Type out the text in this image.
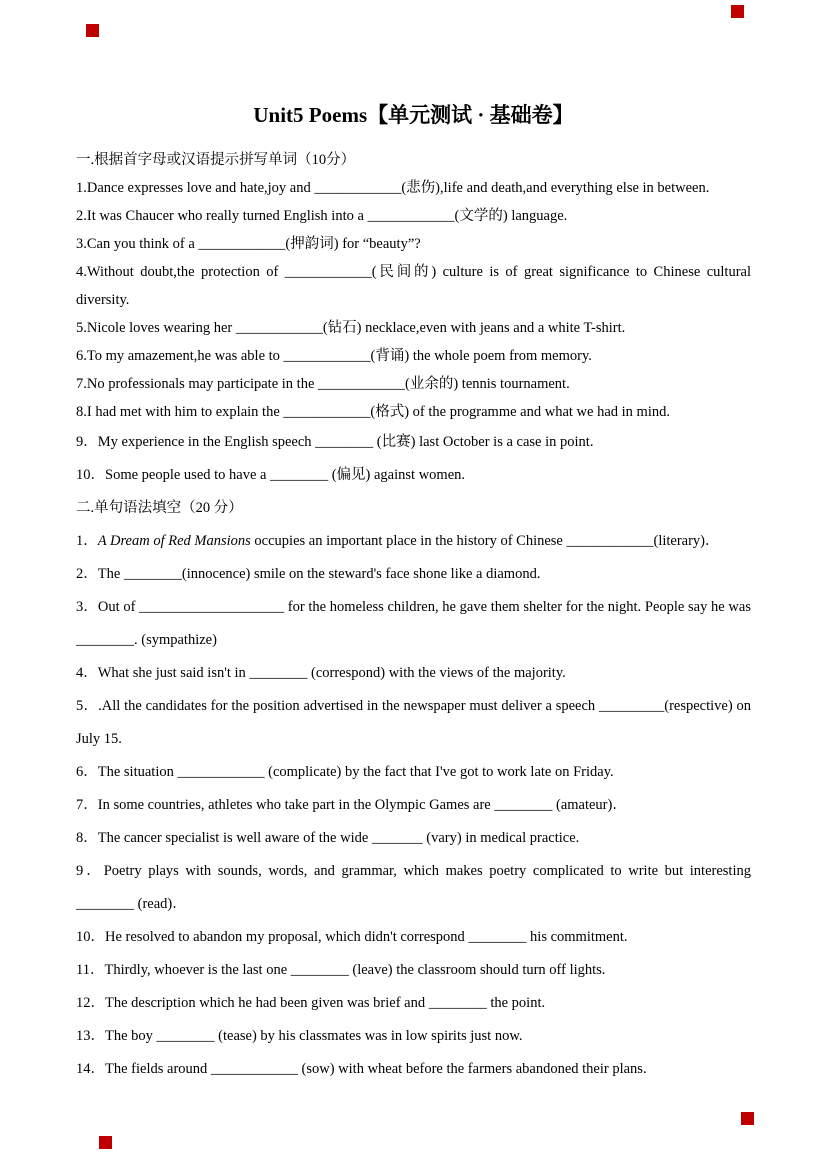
Unit5 Poems【单元测试 · 基础卷】

一.根据首字母或汉语提示拼写单词（10分）

1.Dance expresses love and hate,joy and ____________(悲伤),life and death,and everything else in between.

2.It was Chaucer who really turned English into a ____________(文学的) language.

3.Can you think of a ____________(押韵词) for “beauty”?

4.Without doubt,the protection of ____________(民间的) culture is of great significance to Chinese cultural diversity.

5.Nicole loves wearing her ____________(钻石) necklace,even with jeans and a white T-shirt.

6.To my amazement,he was able to ____________(背诵) the whole poem from memory.

7.No professionals may participate in the ____________(业余的) tennis tournament.

8.I had met with him to explain the ____________(格式) of the programme and what we had in mind.

9．My experience in the English speech ________ (比赛) last October is a case in point.

10．Some people used to have a ________ (偏见) against women.

二.单句语法填空（20 分）

1．A Dream of Red Mansions occupies an important place in the history of Chinese ____________(literary)．

2．The ________(innocence) smile on the steward's face shone like a diamond.

3．Out of ____________________ for the homeless children, he gave them shelter for the night. People say he was ________. (sympathize)

4．What she just said isn't in ________ (correspond) with the views of the majority.

5．.All the candidates for the position advertised in the newspaper must deliver a speech _________(respective) on July 15.

6．The situation ____________ (complicate) by the fact that I've got to work late on Friday.

7．In some countries, athletes who take part in the Olympic Games are ________ (amateur)．

8．The cancer specialist is well aware of the wide _______ (vary) in medical practice.

9．Poetry plays with sounds, words, and grammar, which makes poetry complicated to write but interesting ________ (read)．

10．He resolved to abandon my proposal, which didn't correspond ________ his commitment.

11．Thirdly, whoever is the last one ________ (leave) the classroom should turn off lights.

12．The description which he had been given was brief and ________ the point.

13．The boy ________ (tease) by his classmates was in low spirits just now.

14．The fields around ____________ (sow) with wheat before the farmers abandoned their plans.
